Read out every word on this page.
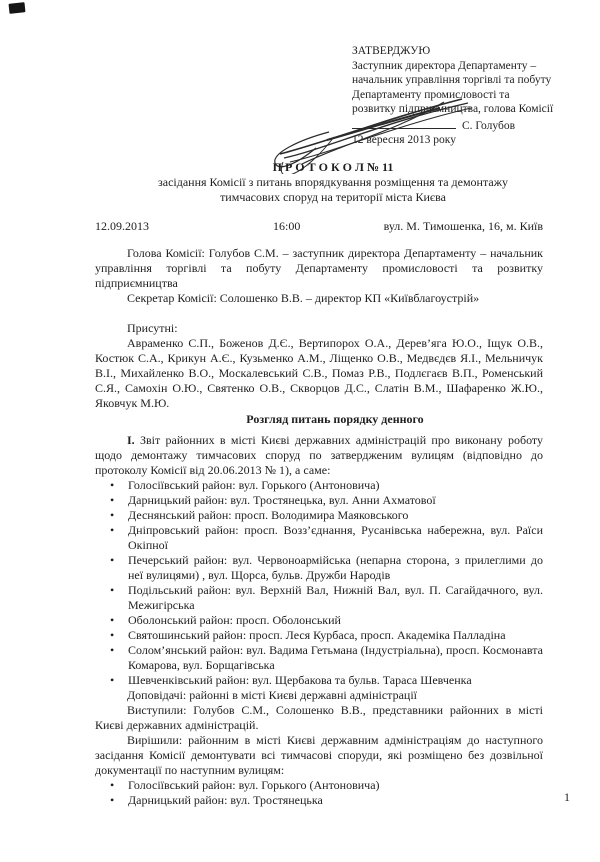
ЗАТВЕРДЖУЮ
Заступник директора Департаменту –
начальник управління торгівлі та побуту
Департаменту промисловості та
розвитку підприємництва, голова Комісії
С. Голубов
12 вересня 2013 року
П Р О Т О К О Л № 11
засідання Комісії з питань впорядкування розміщення та демонтажу
тимчасових споруд на території міста Києва
12.09.2013	16:00	вул. М. Тимошенка, 16, м. Київ

Голова Комісії: Голубов С.М. – заступник директора Департаменту – начальник управління торгівлі та побуту Департаменту промисловості та розвитку підприємництва

Секретар Комісії: Солошенко В.В. – директор КП «Київблагоустрій»

Присутні:

Авраменко С.П., Боженов Д.Є., Вертипорох О.А., Дерев’яга Ю.О., Іщук О.В., Костюк С.А., Крикун А.Є., Кузьменко А.М., Ліщенко О.В., Медвєдєв Я.І., Мельничук В.І., Михайленко В.О., Москалевський С.В., Помаз Р.В., Подлєгаєв В.П., Роменський С.Я., Самохін О.Ю., Святенко О.В., Скворцов Д.С., Слатін В.М., Шафаренко Ж.Ю., Яковчук М.Ю.

Розгляд питань порядку денного

І. Звіт районних в місті Києві державних адміністрацій про виконану роботу щодо демонтажу тимчасових споруд по затвердженим вулицям (відповідно до протоколу Комісії від 20.06.2013 № 1), а саме:

• Голосіївський район: вул. Горького (Антоновича)
• Дарницький район: вул. Тростянецька, вул. Анни Ахматової
• Деснянський район: просп. Володимира Маяковського
• Дніпровський район: просп. Возз’єднання, Русанівська набережна, вул. Раїси Окіпної
• Печерський район: вул. Червоноармійська (непарна сторона, з прилеглими до неї вулицями) , вул. Щорса, бульв. Дружби Народів
• Подільський район: вул. Верхній Вал, Нижній Вал, вул. П. Сагайдачного, вул. Межигірська
• Оболонський район: просп. Оболонський
• Святошинський район: просп. Леся Курбаса, просп. Академіка Палладіна
• Солом’янський район: вул. Вадима Гетьмана (Індустріальна), просп. Космонавта Комарова, вул. Борщагівська
• Шевченківський район: вул. Щербакова та бульв. Тараса Шевченка

Доповідачі: районні в місті Києві державні адміністрації

Виступили: Голубов С.М., Солошенко В.В., представники районних в місті Києві державних адміністрацій.

Вирішили: районним в місті Києві державним адміністраціям до наступного засідання Комісії демонтувати всі тимчасові споруди, які розміщено без дозвільної документації по наступним вулицям:

• Голосіївський район: вул. Горького (Антоновича)
• Дарницький район: вул. Тростянецька	1
